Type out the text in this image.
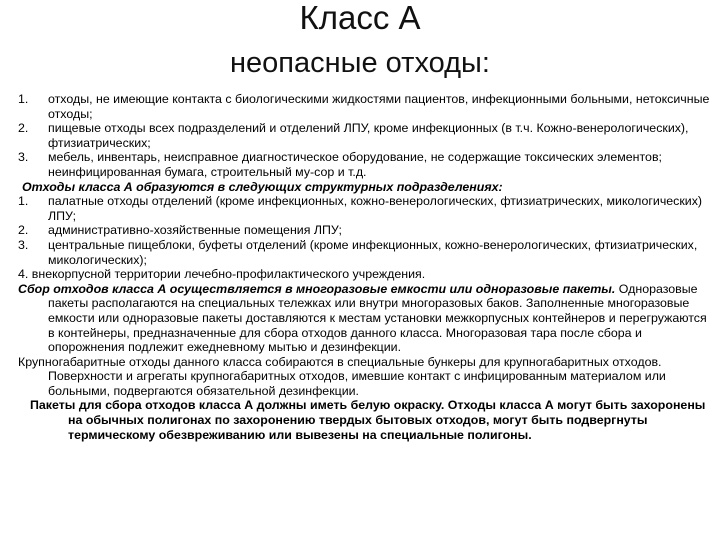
Класс А
неопасные отходы:
1. отходы, не имеющие контакта с биологическими жидкостями пациентов, инфекционными больными, нетоксичные отходы;
2. пищевые отходы всех подразделений и отделений ЛПУ, кроме инфекционных (в т.ч. Кожно-венерологических), фтизиатрических;
3. мебель, инвентарь, неисправное диагностическое оборудование, не содержащие токсических элементов; неинфицированная бумага, строительный му-сор и т.д.
Отходы класса А образуются в следующих структурных подразделениях:
1. палатные отходы отделений (кроме инфекционных, кожно-венерологических, фтизиатрических, микологических) ЛПУ;
2. административно-хозяйственные помещения ЛПУ;
3. центральные пищеблоки, буфеты отделений (кроме инфекционных, кожно-венерологических, фтизиатрических, микологических);
4. внекорпусной территории лечебно-профилактического учреждения.
Сбор отходов класса А осуществляется в многоразовые емкости или одноразовые пакеты. Одноразовые пакеты располагаются на специальных тележках или внутри многоразовых баков. Заполненные многоразовые емкости или одноразовые пакеты доставляются к местам установки межкорпусных контейнеров и перегружаются в контейнеры, предназначенные для сбора отходов данного класса. Многоразовая тара после сбора и опорожнения подлежит ежедневному мытью и дезинфекции.
Крупногабаритные отходы данного класса собираются в специальные бункеры для крупногабаритных отходов. Поверхности и агрегаты крупногабаритных отходов, имевшие контакт с инфицированным материалом или больными, подвергаются обязательной дезинфекции.
Пакеты для сбора отходов класса А должны иметь белую окраску. Отходы класса А могут быть захоронены на обычных полигонах по захоронению твердых бытовых отходов, могут быть подвергнуты термическому обезвреживанию или вывезены на специальные полигоны.
